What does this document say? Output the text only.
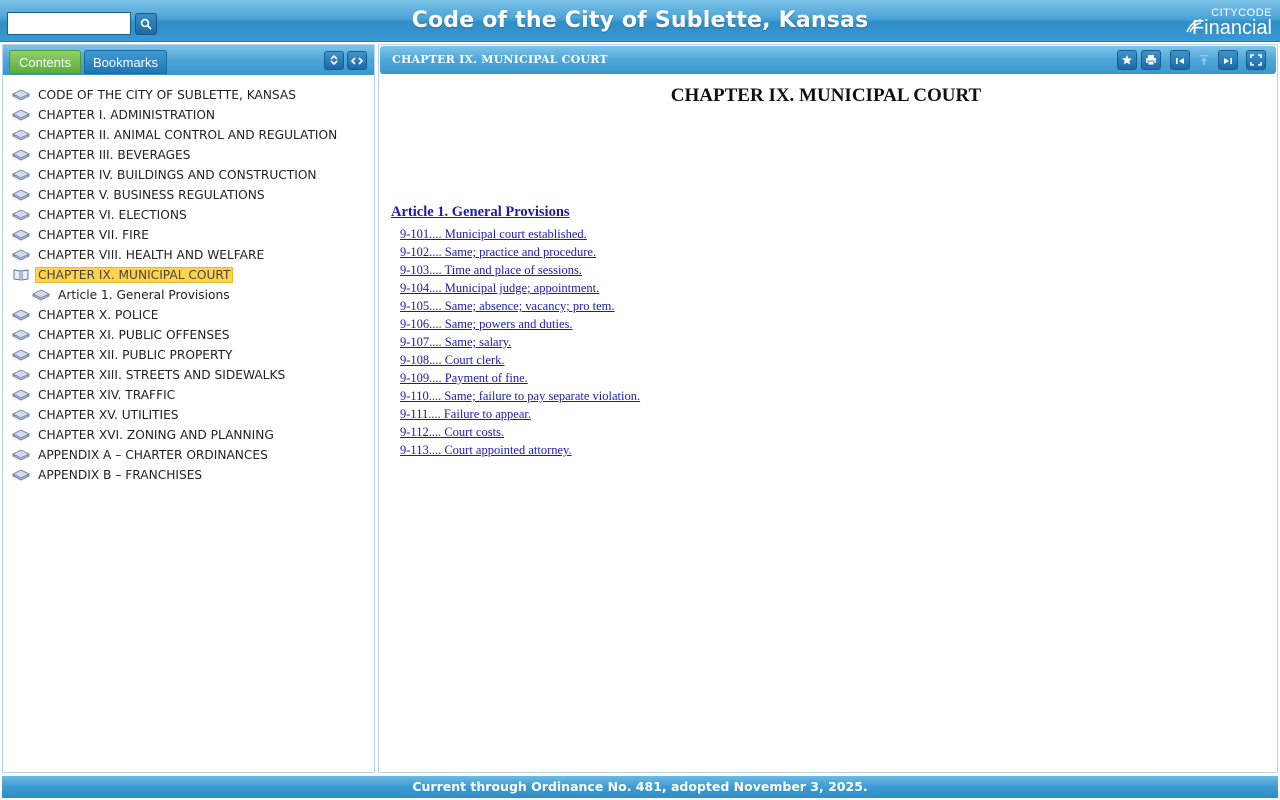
Code of the City of Sublette, Kansas	CITYCODE
Financial
Contents	Bookmarks
CODE OF THE CITY OF SUBLETTE, KANSAS
CHAPTER I. ADMINISTRATION
CHAPTER II. ANIMAL CONTROL AND REGULATION
CHAPTER III. BEVERAGES
CHAPTER IV. BUILDINGS AND CONSTRUCTION
CHAPTER V. BUSINESS REGULATIONS
CHAPTER VI. ELECTIONS
CHAPTER VII. FIRE
CHAPTER VIII. HEALTH AND WELFARE
CHAPTER IX. MUNICIPAL COURT
Article 1. General Provisions
CHAPTER X. POLICE
CHAPTER XI. PUBLIC OFFENSES
CHAPTER XII. PUBLIC PROPERTY
CHAPTER XIII. STREETS AND SIDEWALKS
CHAPTER XIV. TRAFFIC
CHAPTER XV. UTILITIES
CHAPTER XVI. ZONING AND PLANNING
APPENDIX A – CHARTER ORDINANCES
APPENDIX B – FRANCHISES
CHAPTER IX. MUNICIPAL COURT
CHAPTER IX. MUNICIPAL COURT
Article 1. General Provisions
9-101.... Municipal court established.
9-102.... Same; practice and procedure.
9-103.... Time and place of sessions.
9-104.... Municipal judge; appointment.
9-105.... Same; absence; vacancy; pro tem.
9-106.... Same; powers and duties.
9-107.... Same; salary.
9-108.... Court clerk.
9-109.... Payment of fine.
9-110.... Same; failure to pay separate violation.
9-111.... Failure to appear.
9-112.... Court costs.
9-113.... Court appointed attorney.
Current through Ordinance No. 481, adopted November 3, 2025.
